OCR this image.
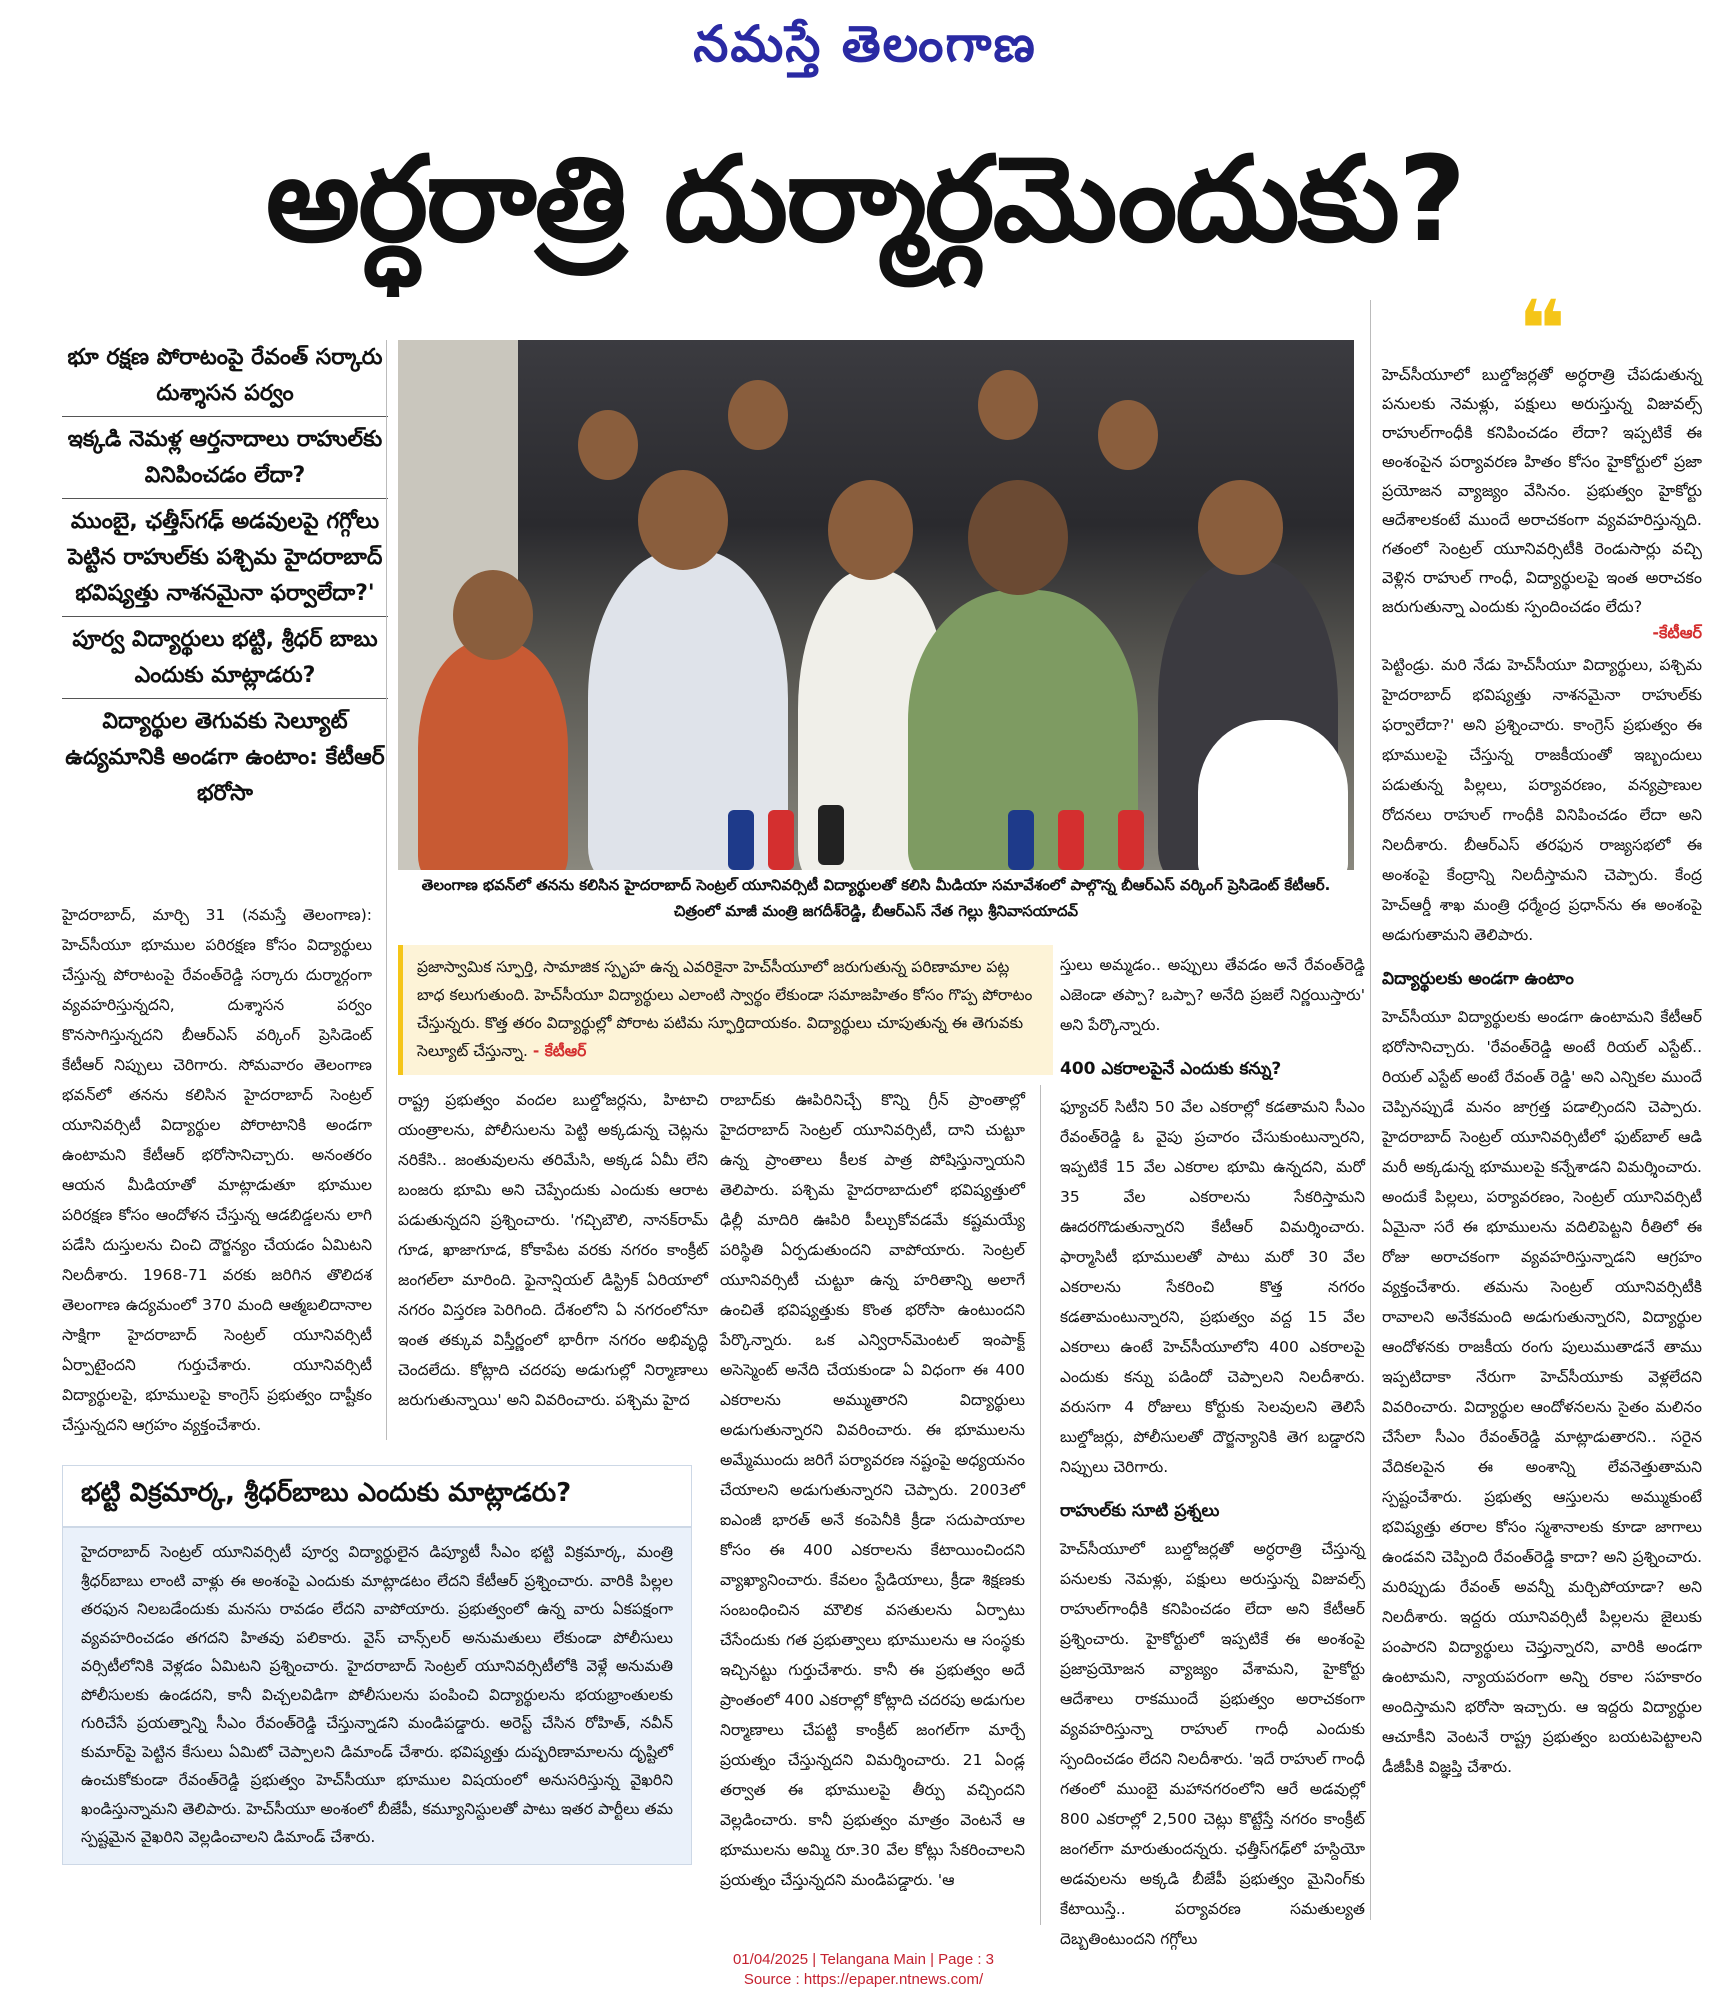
నమస్తే తెలంగాణ
అర్ధరాత్రి దుర్మార్గమెందుకు?

భూ రక్షణ పోరాటంపై రేవంత్ సర్కారు దుశ్శాసన పర్వం

ఇక్కడి నెమళ్ల ఆర్తనాదాలు రాహుల్‌కు వినిపించడం లేదా?

ముంబై, ఛత్తీస్‌గఢ్ అడవులపై గగ్గోలు పెట్టిన రాహుల్‌కు పశ్చిమ హైదరాబాద్ భవిష్యత్తు నాశనమైనా ఫర్వాలేదా?'

పూర్వ విద్యార్థులు భట్టి, శ్రీధర్ బాబు ఎందుకు మాట్లాడరు?

విద్యార్థుల తెగువకు సెల్యూట్ ఉద్యమానికి అండగా ఉంటాం: కేటీఆర్ భరోసా

తెలంగాణ భవన్‌లో తనను కలిసిన హైదరాబాద్ సెంట్రల్ యూనివర్సిటీ విద్యార్థులతో కలిసి మీడియా సమావేశంలో పాల్గొన్న బీఆర్‌ఎస్ వర్కింగ్ ప్రెసిడెంట్ కేటీఆర్. చిత్రంలో మాజీ మంత్రి జగదీశ్‌రెడ్డి, బీఆర్‌ఎస్ నేత గెల్లు శ్రీనివాసయాదవ్
❝
హెచ్‌సీయూలో బుల్డోజర్లతో అర్ధరాత్రి చేపడుతున్న పనులకు నెమళ్లు, పక్షులు అరుస్తున్న విజువల్స్ రాహుల్‌గాంధీకి కనిపించడం లేదా? ఇప్పటికే ఈ అంశంపైన పర్యావరణ హితం కోసం హైకోర్టులో ప్రజా ప్రయోజన వ్యాజ్యం వేసినం. ప్రభుత్వం హైకోర్టు ఆదేశాలకంటే ముందే అరాచకంగా వ్యవహరిస్తున్నది. గతంలో సెంట్రల్ యూనివర్సిటీకి రెండుసార్లు వచ్చి వెళ్లిన రాహుల్ గాంధీ, విద్యార్థులపై ఇంత అరాచకం జరుగుతున్నా ఎందుకు స్పందించడం లేదు?
-కేటీఆర్
ప్రజాస్వామిక స్ఫూర్తి, సామాజిక స్పృహ ఉన్న ఎవరికైనా హెచ్‌సీయూలో జరుగుతున్న పరిణామాల పట్ల బాధ కలుగుతుంది. హెచ్‌సీయూ విద్యార్థులు ఎలాంటి స్వార్థం లేకుండా సమాజహితం కోసం గొప్ప పోరాటం చేస్తున్నరు. కొత్త తరం విద్యార్థుల్లో పోరాట పటిమ స్ఫూర్తిదాయకం. విద్యార్థులు చూపుతున్న ఈ తెగువకు సెల్యూట్ చేస్తున్నా. - కేటీఆర్

హైదరాబాద్, మార్చి 31 (నమస్తే తెలంగాణ): హెచ్‌సీయూ భూముల పరిరక్షణ కోసం విద్యార్థులు చేస్తున్న పోరాటంపై రేవంత్‌రెడ్డి సర్కారు దుర్మార్గంగా వ్యవహరిస్తున్నదని, దుశ్శాసన పర్వం కొనసాగిస్తున్నదని బీఆర్‌ఎస్ వర్కింగ్ ప్రెసిడెంట్ కేటీఆర్ నిప్పులు చెరిగారు. సోమవారం తెలంగాణ భవన్‌లో తనను కలిసిన హైదరాబాద్ సెంట్రల్ యూనివర్సిటీ విద్యార్థుల పోరాటానికి అండగా ఉంటామని కేటీఆర్ భరోసానిచ్చారు. అనంతరం ఆయన మీడియాతో మాట్లాడుతూ భూముల పరిరక్షణ కోసం ఆందోళన చేస్తున్న ఆడబిడ్డలను లాగి పడేసి దుస్తులను చించి దౌర్జన్యం చేయడం ఏమిటని నిలదీశారు. 1968-71 వరకు జరిగిన తొలిదశ తెలంగాణ ఉద్యమంలో 370 మంది ఆత్మబలిదానాల సాక్షిగా హైదరాబాద్ సెంట్రల్ యూనివర్సిటీ ఏర్పాటైందని గుర్తుచేశారు. యూనివర్సిటీ విద్యార్థులపై, భూములపై కాంగ్రెస్ ప్రభుత్వం దాష్టీకం చేస్తున్నదని ఆగ్రహం వ్యక్తంచేశారు.

రాష్ట్ర ప్రభుత్వం వందల బుల్డోజర్లను, హిటాచి యంత్రాలను, పోలీసులను పెట్టి అక్కడున్న చెట్లను నరికేసి.. జంతువులను తరిమేసి, అక్కడ ఏమీ లేని బంజరు భూమి అని చెప్పేందుకు ఎందుకు ఆరాట పడుతున్నదని ప్రశ్నించారు. 'గచ్చిబౌలి, నానక్‌రామ్ గూడ, ఖాజాగూడ, కోకాపేట వరకు నగరం కాంక్రీట్ జంగల్‌లా మారింది. ఫైనాన్షియల్ డిస్ట్రిక్ ఏరియాలో నగరం విస్తరణ పెరిగింది. దేశంలోని ఏ నగరంలోనూ ఇంత తక్కువ విస్తీర్ణంలో భారీగా నగరం అభివృద్ధి చెందలేదు. కోట్లాది చదరపు అడుగుల్లో నిర్మాణాలు జరుగుతున్నాయి' అని వివరించారు. పశ్చిమ హైద

రాబాద్‌కు ఊపిరినిచ్చే కొన్ని గ్రీన్ ప్రాంతాల్లో హైదరాబాద్ సెంట్రల్ యూనివర్సిటీ, దాని చుట్టూ ఉన్న ప్రాంతాలు కీలక పాత్ర పోషిస్తున్నాయని తెలిపారు. పశ్చిమ హైదరాబాదులో భవిష్యత్తులో ఢిల్లీ మాదిరి ఊపిరి పీల్చుకోవడమే కష్టమయ్యే పరిస్థితి ఏర్పడుతుందని వాపోయారు. సెంట్రల్ యూనివర్సిటీ చుట్టూ ఉన్న హరితాన్ని అలాగే ఉంచితే భవిష్యత్తుకు కొంత భరోసా ఉంటుందని పేర్కొన్నారు. ఒక ఎన్విరాన్‌మెంటల్ ఇంపాక్ట్ అసెస్మెంట్ అనేది చేయకుండా ఏ విధంగా ఈ 400 ఎకరాలను అమ్ముతారని విద్యార్థులు అడుగుతున్నారని వివరించారు. ఈ భూములను అమ్మేముందు జరిగే పర్యావరణ నష్టంపై అధ్యయనం చేయాలని అడుగుతున్నారని చెప్పారు. 2003లో ఐఎంజీ భారత్ అనే కంపెనీకి క్రీడా సదుపాయాల కోసం ఈ 400 ఎకరాలను కేటాయించిందని వ్యాఖ్యానించారు. కేవలం స్టేడియాలు, క్రీడా శిక్షణకు సంబంధించిన మౌలిక వసతులను ఏర్పాటు చేసేందుకు గత ప్రభుత్వాలు భూములను ఆ సంస్థకు ఇచ్చినట్టు గుర్తుచేశారు. కానీ ఈ ప్రభుత్వం అదే ప్రాంతంలో 400 ఎకరాల్లో కోట్లాది చదరపు అడుగుల నిర్మాణాలు చేపట్టి కాంక్రీట్ జంగల్‌గా మార్చే ప్రయత్నం చేస్తున్నదని విమర్శించారు. 21 ఏండ్ల తర్వాత ఈ భూములపై తీర్పు వచ్చిందని వెల్లడించారు. కానీ ప్రభుత్వం మాత్రం వెంటనే ఆ భూములను అమ్మి రూ.30 వేల కోట్లు సేకరించాలని ప్రయత్నం చేస్తున్నదని మండిపడ్డారు. 'ఆ

స్తులు అమ్మడం.. అప్పులు తేవడం అనే రేవంత్‌రెడ్డి ఎజెండా తప్పా? ఒప్పా? అనేది ప్రజలే నిర్ణయిస్తారు' అని పేర్కొన్నారు.

400 ఎకరాలపైనే ఎందుకు కన్ను?

ఫ్యూచర్ సిటీని 50 వేల ఎకరాల్లో కడతామని సీఎం రేవంత్‌రెడ్డి ఓ వైపు ప్రచారం చేసుకుంటున్నారని, ఇప్పటికే 15 వేల ఎకరాల భూమి ఉన్నదని, మరో 35 వేల ఎకరాలను సేకరిస్తామని ఊదరగొడుతున్నారని కేటీఆర్ విమర్శించారు. ఫార్మాసిటీ భూములతో పాటు మరో 30 వేల ఎకరాలను సేకరించి కొత్త నగరం కడతామంటున్నారని, ప్రభుత్వం వద్ద 15 వేల ఎకరాలు ఉంటే హెచ్‌సీయూలోని 400 ఎకరాలపై ఎందుకు కన్ను పడిందో చెప్పాలని నిలదీశారు. వరుసగా 4 రోజులు కోర్టుకు సెలవులని తెలిసే బుల్డోజర్లు, పోలీసులతో దౌర్జన్యానికి తెగ బడ్డారని నిప్పులు చెరిగారు.

రాహుల్‌కు సూటి ప్రశ్నలు

హెచ్‌సీయూలో బుల్డోజర్లతో అర్ధరాత్రి చేస్తున్న పనులకు నెమళ్లు, పక్షులు అరుస్తున్న విజువల్స్ రాహుల్‌గాంధీకి కనిపించడం లేదా అని కేటీఆర్ ప్రశ్నించారు. హైకోర్టులో ఇప్పటికే ఈ అంశంపై ప్రజాప్రయోజన వ్యాజ్యం వేశామని, హైకోర్టు ఆదేశాలు రాకముందే ప్రభుత్వం అరాచకంగా వ్యవహరిస్తున్నా రాహుల్ గాంధీ ఎందుకు స్పందించడం లేదని నిలదీశారు. 'ఇదే రాహుల్ గాంధీ గతంలో ముంబై మహానగరంలోని ఆరే అడవుల్లో 800 ఎకరాల్లో 2,500 చెట్లు కొట్టేస్తే నగరం కాంక్రీట్ జంగల్‌గా మారుతుందన్నరు. ఛత్తీస్‌గఢ్‌లో హస్దియో అడవులను అక్కడి బీజేపీ ప్రభుత్వం మైనింగ్‌కు కేటాయిస్తే.. పర్యావరణ సమతుల్యత దెబ్బతింటుందని గగ్గోలు

పెట్టిండ్రు. మరి నేడు హెచ్‌సీయూ విద్యార్థులు, పశ్చిమ హైదరాబాద్ భవిష్యత్తు నాశనమైనా రాహుల్‌కు ఫర్వాలేదా?' అని ప్రశ్నించారు. కాంగ్రెస్ ప్రభుత్వం ఈ భూములపై చేస్తున్న రాజకీయంతో ఇబ్బందులు పడుతున్న పిల్లలు, పర్యావరణం, వన్యప్రాణుల రోదనలు రాహుల్ గాంధీకి వినిపించడం లేదా అని నిలదీశారు. బీఆర్‌ఎస్ తరఫున రాజ్యసభలో ఈ అంశంపై కేంద్రాన్ని నిలదీస్తామని చెప్పారు. కేంద్ర హెచ్‌ఆర్డీ శాఖ మంత్రి ధర్మేంద్ర ప్రధాన్‌ను ఈ అంశంపై అడుగుతామని తెలిపారు.

విద్యార్థులకు అండగా ఉంటాం

హెచ్‌సీయూ విద్యార్థులకు అండగా ఉంటామని కేటీఆర్ భరోసానిచ్చారు. 'రేవంత్‌రెడ్డి అంటే రియల్ ఎస్టేట్.. రియల్ ఎస్టేట్ అంటే రేవంత్ రెడ్డి' అని ఎన్నికల ముందే చెప్పినప్పుడే మనం జాగ్రత్త పడాల్సిందని చెప్పారు. హైదరాబాద్ సెంట్రల్ యూనివర్సిటీలో ఫుట్‌బాల్ ఆడి మరీ అక్కడున్న భూములపై కన్నేశాడని విమర్శించారు. అందుకే పిల్లలు, పర్యావరణం, సెంట్రల్ యూనివర్సిటీ ఏమైనా సరే ఈ భూములను వదిలిపెట్టని రీతిలో ఈ రోజు అరాచకంగా వ్యవహరిస్తున్నాడని ఆగ్రహం వ్యక్తంచేశారు. తమను సెంట్రల్ యూనివర్సిటీకి రావాలని అనేకమంది అడుగుతున్నారని, విద్యార్థుల ఆందోళనకు రాజకీయ రంగు పులుముతాడనే తాము ఇప్పటిదాకా నేరుగా హెచ్‌సీయూకు వెళ్లలేదని వివరించారు. విద్యార్థుల ఆందోళనలను సైతం మలినం చేసేలా సీఎం రేవంత్‌రెడ్డి మాట్లాడుతారని.. సరైన వేదికలపైన ఈ అంశాన్ని లేవనెత్తుతామని స్పష్టంచేశారు. ప్రభుత్వ ఆస్తులను అమ్ముకుంటే భవిష్యత్తు తరాల కోసం స్మశానాలకు కూడా జాగాలు ఉండవని చెప్పింది రేవంత్‌రెడ్డి కాదా? అని ప్రశ్నించారు. మరిప్పుడు రేవంత్ అవన్నీ మర్చిపోయాడా? అని నిలదీశారు. ఇద్దరు యూనివర్సిటీ పిల్లలను జైలుకు పంపారని విద్యార్థులు చెప్తున్నారని, వారికి అండగా ఉంటామని, న్యాయపరంగా అన్ని రకాల సహకారం అందిస్తామని భరోసా ఇచ్చారు. ఆ ఇద్దరు విద్యార్థుల ఆచూకీని వెంటనే రాష్ట్ర ప్రభుత్వం బయటపెట్టాలని డీజీపీకి విజ్ఞప్తి చేశారు.

భట్టి విక్రమార్క, శ్రీధర్‌బాబు ఎందుకు మాట్లాడరు?
హైదరాబాద్ సెంట్రల్ యూనివర్సిటీ పూర్వ విద్యార్థులైన డిప్యూటీ సీఎం భట్టి విక్రమార్క, మంత్రి శ్రీధర్‌బాబు లాంటి వాళ్లు ఈ అంశంపై ఎందుకు మాట్లాడటం లేదని కేటీఆర్ ప్రశ్నించారు. వారికి పిల్లల తరఫున నిలబడేందుకు మనసు రావడం లేదని వాపోయారు. ప్రభుత్వంలో ఉన్న వారు ఏకపక్షంగా వ్యవహరించడం తగదని హితవు పలికారు. వైస్ చాన్స్‌లర్ అనుమతులు లేకుండా పోలీసులు వర్సిటీలోనికి వెళ్లడం ఏమిటని ప్రశ్నించారు. హైదరాబాద్ సెంట్రల్ యూనివర్సిటీలోకి వెళ్లే అనుమతి పోలీసులకు ఉండదని, కానీ విచ్చలవిడిగా పోలీసులను పంపించి విద్యార్థులను భయభ్రాంతులకు గురిచేసే ప్రయత్నాన్ని సీఎం రేవంత్‌రెడ్డి చేస్తున్నాడని మండిపడ్డారు. అరెస్ట్ చేసిన రోహిత్, నవీన్ కుమార్‌పై పెట్టిన కేసులు ఏమిటో చెప్పాలని డిమాండ్ చేశారు. భవిష్యత్తు దుష్పరిణామాలను దృష్టిలో ఉంచుకోకుండా రేవంత్‌రెడ్డి ప్రభుత్వం హెచ్‌సీయూ భూముల విషయంలో అనుసరిస్తున్న వైఖరిని ఖండిస్తున్నామని తెలిపారు. హెచ్‌సీయూ అంశంలో బీజేపీ, కమ్యూనిస్టులతో పాటు ఇతర పార్టీలు తమ స్పష్టమైన వైఖరిని వెల్లడించాలని డిమాండ్ చేశారు.
01/04/2025 | Telangana Main | Page : 3
Source : https://epaper.ntnews.com/
